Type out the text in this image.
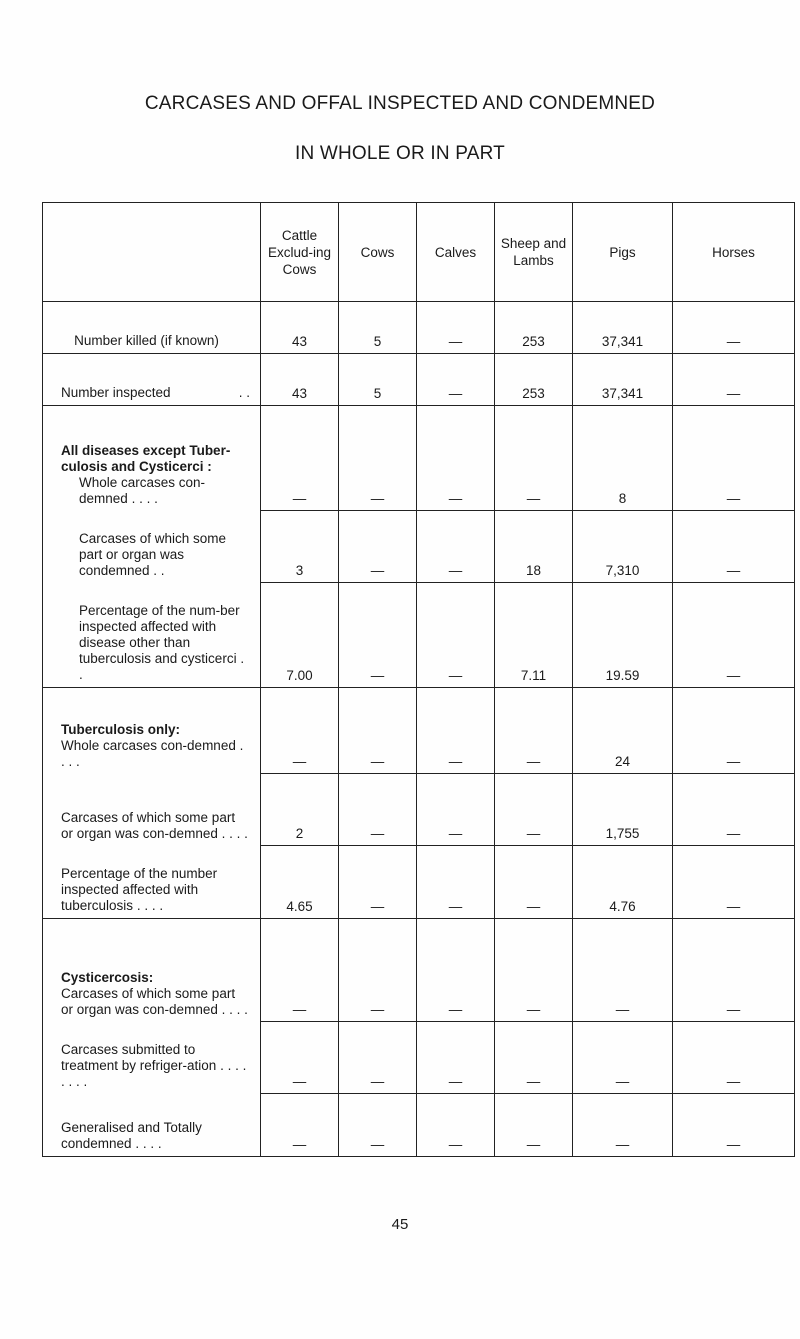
CARCASES AND OFFAL INSPECTED AND CONDEMNED
IN WHOLE OR IN PART
	Cattle Exclud-ing Cows	Cows	Calves	Sheep and Lambs	Pigs	Horses
Number killed (if known)	43	5	—	253	37,341	—
Number inspected . .	43	5	—	253	37,341	—
All diseases except Tuber-culosis and Cysticerci :
Whole carcases con-demned . . . .	—	—	—	—	8	—

Carcases of which some part or organ was condemned . .	3	—	—	18	7,310	—

Percentage of the num-ber inspected affected with disease other than tuberculosis and cysticerci . .	7.00	—	—	7.11	19.59	—
Tuberculosis only:
Whole carcases con-demned . . . .	—	—	—	—	24	—
Carcases of which some part or organ was con-demned . . . .	2	—	—	—	1,755	—
Percentage of the number inspected affected with tuberculosis . . . .	4.65	—	—	—	4.76	—
Cysticercosis:
Carcases of which some part or organ was con-demned . . . .	—	—	—	—	—	—
Carcases submitted to treatment by refriger-ation . . . . . . . .	—	—	—	—	—	—
Generalised and Totally condemned . . . .	—	—	—	—	—	—
45
